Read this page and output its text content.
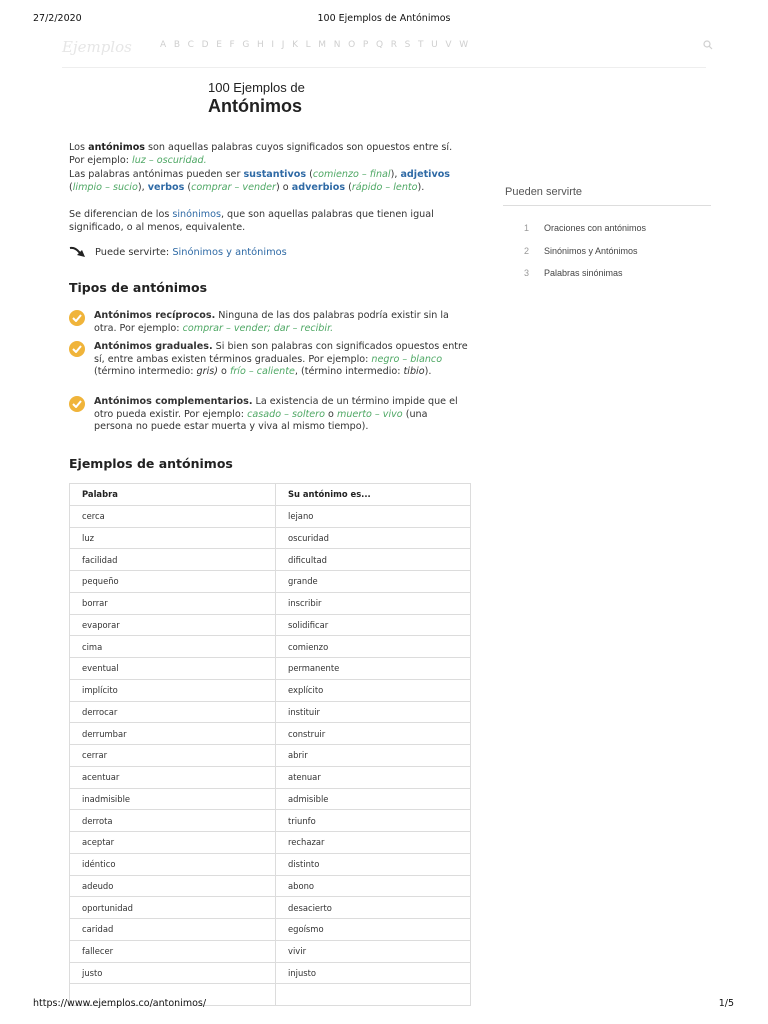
27/2/2020	100 Ejemplos de Antónimos
Ejemplos	A B C D E F G H I J K L M N O P Q R S T U V W
100 Ejemplos de
Antónimos
Los antónimos son aquellas palabras cuyos significados son opuestos entre sí.
Por ejemplo: luz – oscuridad.
Las palabras antónimas pueden ser sustantivos (comienzo – final), adjetivos
(limpio – sucio), verbos (comprar – vender) o adverbios (rápido – lento).
Se diferencian de los sinónimos, que son aquellas palabras que tienen igual significado, o al menos, equivalente.
Puede servirte:
Sinónimos y antónimos
Tipos de antónimos
Antónimos recíprocos. Ninguna de las dos palabras podría existir sin la otra. Por ejemplo: comprar – vender; dar – recibir.
Antónimos graduales. Si bien son palabras con significados opuestos entre sí, entre ambas existen términos graduales. Por ejemplo: negro – blanco (término intermedio: gris) o frío – caliente, (término intermedio: tibio).
Antónimos complementarios. La existencia de un término impide que el otro pueda existir. Por ejemplo: casado – soltero o muerto – vivo (una persona no puede estar muerta y viva al mismo tiempo).
Ejemplos de antónimos
Palabra	Su antónimo es...
cerca	lejano
luz	oscuridad
facilidad	dificultad
pequeño	grande
borrar	inscribir
evaporar	solidificar
cima	comienzo
eventual	permanente
implícito	explícito
derrocar	instituir
derrumbar	construir
cerrar	abrir
acentuar	atenuar
inadmisible	admisible
derrota	triunfo
aceptar	rechazar
idéntico	distinto
adeudo	abono
oportunidad	desacierto
caridad	egoísmo
fallecer	vivir
justo	injusto

Pueden servirte
1	Oraciones con antónimos
2	Sinónimos y Antónimos
3	Palabras sinónimas
https://www.ejemplos.co/antonimos/	1/5
